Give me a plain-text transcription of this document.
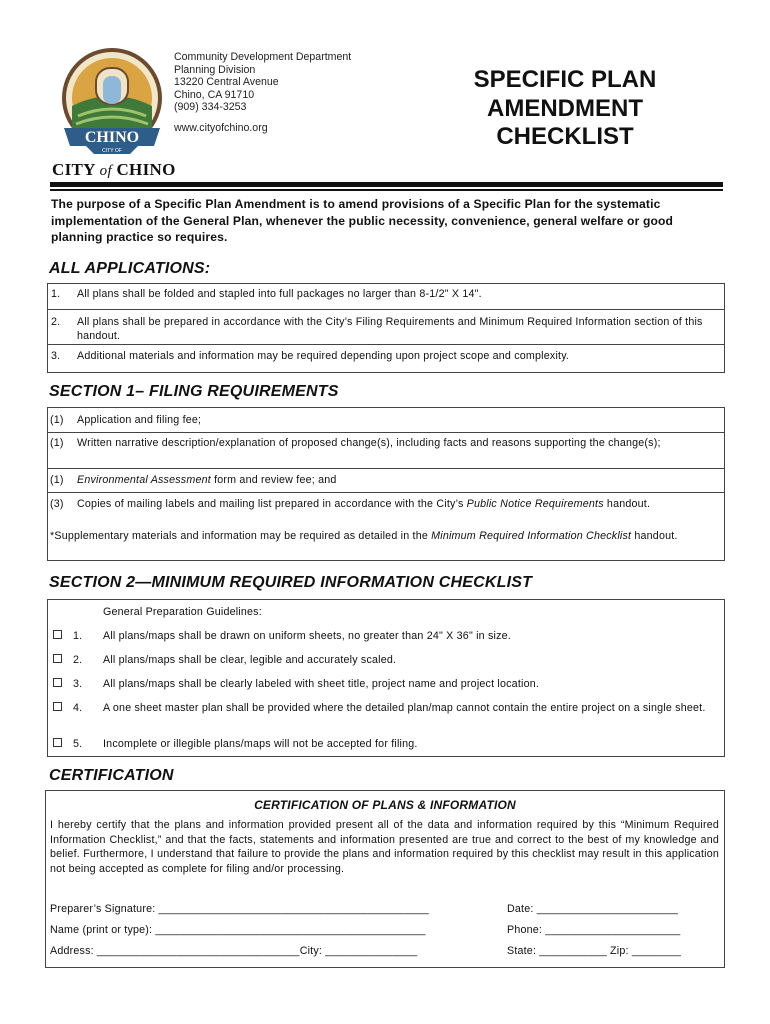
CHINO
CITY OF
Community Development Department
Planning Division
13220 Central Avenue
Chino, CA 91710
(909) 334-3253
www.cityofchino.org
SPECIFIC PLAN
AMENDMENT
CHECKLIST
CITY of CHINO
The purpose of a Specific Plan Amendment is to amend provisions of a Specific Plan for the systematic implementation of the General Plan, whenever the public necessity, convenience, general welfare or good planning practice so requires.
ALL APPLICATIONS:
1. All plans shall be folded and stapled into full packages no larger than 8-1/2" X 14".
2. All plans shall be prepared in accordance with the City’s Filing Requirements and Minimum Required Information section of this handout.
3. Additional materials and information may be required depending upon project scope and complexity.
SECTION 1– FILING REQUIREMENTS
(1) Application and filing fee;
(1) Written narrative description/explanation of proposed change(s), including facts and reasons supporting the change(s);
(1) Environmental Assessment form and review fee; and
(3) Copies of mailing labels and mailing list prepared in accordance with the City’s Public Notice Requirements handout.
*Supplementary materials and information may be required as detailed in the Minimum Required Information Checklist handout.
SECTION 2—MINIMUM REQUIRED INFORMATION CHECKLIST
General Preparation Guidelines:
1. All plans/maps shall be drawn on uniform sheets, no greater than 24" X 36" in size.
2. All plans/maps shall be clear, legible and accurately scaled.
3. All plans/maps shall be clearly labeled with sheet title, project name and project location.
4. A one sheet master plan shall be provided where the detailed plan/map cannot contain the entire project on a single sheet.
5. Incomplete or illegible plans/maps will not be accepted for filing.
CERTIFICATION
CERTIFICATION OF PLANS & INFORMATION
I hereby certify that the plans and information provided present all of the data and information required by this “Minimum Required Information Checklist,” and that the facts, statements and information presented are true and correct to the best of my knowledge and belief. Furthermore, I understand that failure to provide the plans and information required by this checklist may result in this application not being accepted as complete for filing and/or processing.
Preparer’s Signature: ____________________________________________	Date: _______________________
Name (print or type): ____________________________________________	Phone: ______________________
Address: _________________________________City: _______________	State: ___________ Zip: ________
